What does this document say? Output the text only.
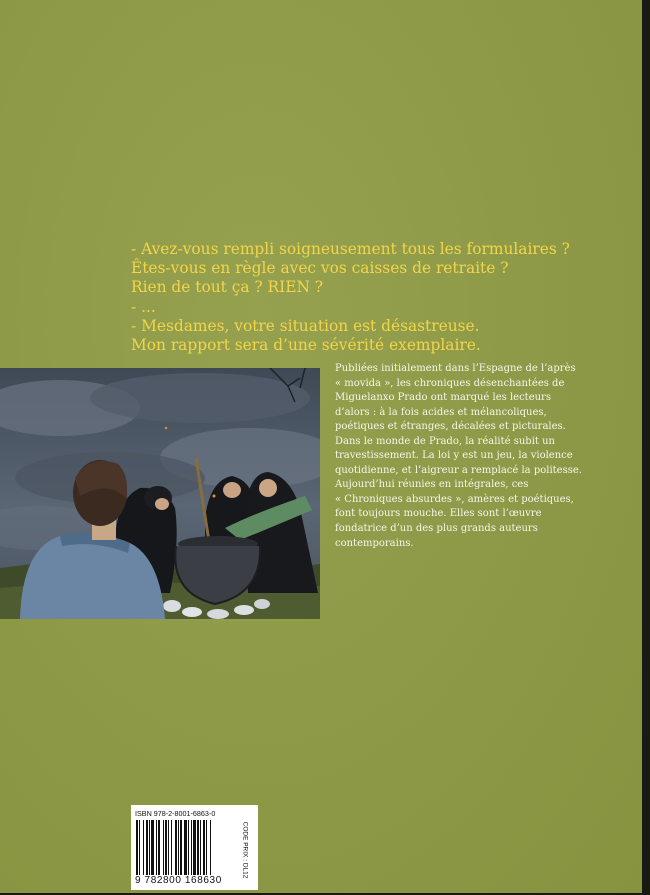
- Avez-vous rempli soigneusement tous les formulaires ?
Êtes-vous en règle avec vos caisses de retraite ?
Rien de tout ça ? RIEN ?
- ...
- Mesdames, votre situation est désastreuse.
Mon rapport sera d’une sévérité exemplaire.
Publiées initialement dans l’Espagne de l’après
« movida », les chroniques désenchantées de
Miguelanxo Prado ont marqué les lecteurs
d’alors : à la fois acides et mélancoliques,
poétiques et étranges, décalées et picturales.
Dans le monde de Prado, la réalité subit un
travestissement. La loi y est un jeu, la violence
quotidienne, et l’aigreur a remplacé la politesse.
Aujourd’hui réunies en intégrales, ces
« Chroniques absurdes », amères et poétiques,
font toujours mouche. Elles sont l’œuvre
fondatrice d’un des plus grands auteurs
contemporains.
ISBN 978-2-8001-6863-0
9 782800 168630
CODE PRIX : DL12
